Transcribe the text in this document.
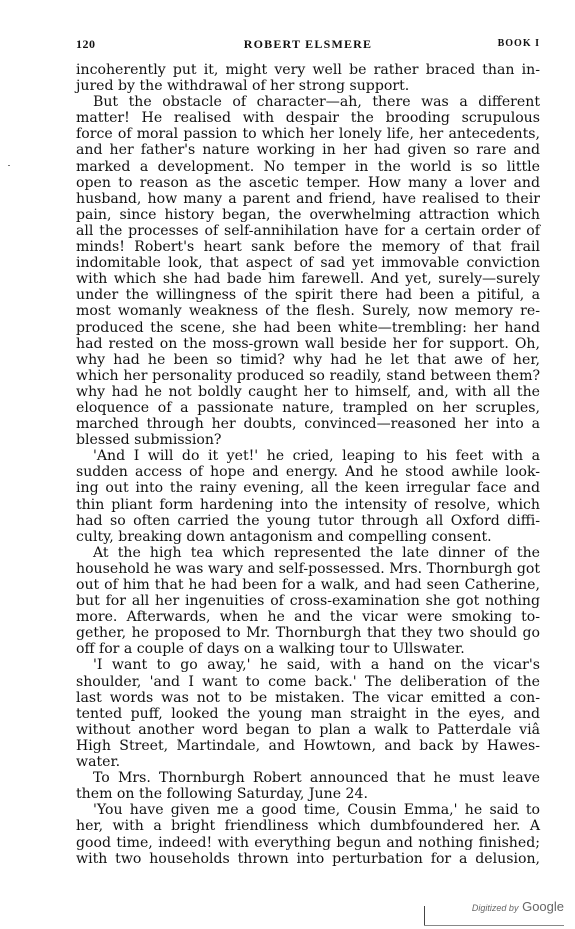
120	ROBERT ELSMERE	BOOK I
incoherently put it, might very well be rather braced than in-
jured by the withdrawal of her strong support.
But the obstacle of character—ah, there was a different
matter! He realised with despair the brooding scrupulous
force of moral passion to which her lonely life, her antecedents,
and her father's nature working in her had given so rare and
marked a development. No temper in the world is so little
open to reason as the ascetic temper. How many a lover and
husband, how many a parent and friend, have realised to their
pain, since history began, the overwhelming attraction which
all the processes of self-annihilation have for a certain order of
minds! Robert's heart sank before the memory of that frail
indomitable look, that aspect of sad yet immovable conviction
with which she had bade him farewell. And yet, surely—surely
under the willingness of the spirit there had been a pitiful, a
most womanly weakness of the flesh. Surely, now memory re-
produced the scene, she had been white—trembling: her hand
had rested on the moss-grown wall beside her for support. Oh,
why had he been so timid? why had he let that awe of her,
which her personality produced so readily, stand between them?
why had he not boldly caught her to himself, and, with all the
eloquence of a passionate nature, trampled on her scruples,
marched through her doubts, convinced—reasoned her into a
blessed submission?
'And I will do it yet!' he cried, leaping to his feet with a
sudden access of hope and energy. And he stood awhile look-
ing out into the rainy evening, all the keen irregular face and
thin pliant form hardening into the intensity of resolve, which
had so often carried the young tutor through all Oxford diffi-
culty, breaking down antagonism and compelling consent.
At the high tea which represented the late dinner of the
household he was wary and self-possessed. Mrs. Thornburgh got
out of him that he had been for a walk, and had seen Catherine,
but for all her ingenuities of cross-examination she got nothing
more. Afterwards, when he and the vicar were smoking to-
gether, he proposed to Mr. Thornburgh that they two should go
off for a couple of days on a walking tour to Ullswater.
'I want to go away,' he said, with a hand on the vicar's
shoulder, 'and I want to come back.' The deliberation of the
last words was not to be mistaken. The vicar emitted a con-
tented puff, looked the young man straight in the eyes, and
without another word began to plan a walk to Patterdale viâ
High Street, Martindale, and Howtown, and back by Hawes-
water.
To Mrs. Thornburgh Robert announced that he must leave
them on the following Saturday, June 24.
'You have given me a good time, Cousin Emma,' he said to
her, with a bright friendliness which dumbfoundered her. A
good time, indeed! with everything begun and nothing finished;
with two households thrown into perturbation for a delusion,
Digitized by Google
